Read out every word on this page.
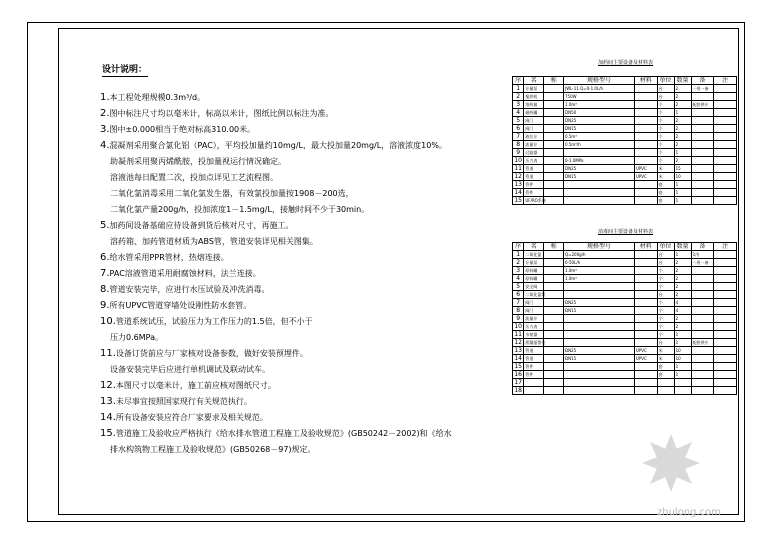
设计说明：
1.本工程处理规模0.3m³/d。
2.图中标注尺寸均以毫米计，标高以米计，图纸比例以标注为准。
3.图中±0.000相当于绝对标高310.00米。
4.混凝剂采用聚合氯化铝（PAC），平均投加量约10mg/L，最大投加量20mg/L，溶液浓度10%。
助凝剂采用聚丙烯酰胺，投加量视运行情况确定。
溶液池每日配置二次，投加点详见工艺流程图。
二氧化氯消毒采用二氧化氯发生器，有效氯投加量按1908－200选，
二氧化氯产量200g/h，投加浓度1－1.5mg/L，接触时间不少于30min。
5.加药间设备基础应待设备到货后核对尺寸，再施工。
溶药箱、加药管道材质为ABS管，管道安装详见相关图集。
6.给水管采用PPR管材，热熔连接。
7.PAC溶液管道采用耐腐蚀材料，法兰连接。
8.管道安装完毕，应进行水压试验及冲洗消毒。
9.所有UPVC管道穿墙处设刚性防水套管。
10.管道系统试压，试验压力为工作压力的1.5倍，但不小于
压力0.6MPa。
11.设备订货前应与厂家核对设备参数，做好安装预埋件。
设备安装完毕后应进行单机调试及联动试车。
12.本图尺寸以毫米计，施工前应核对图纸尺寸。
13.未尽事宜按照国家现行有关规范执行。
14.所有设备安装应符合厂家要求及相关规范。
15.管道施工及验收应严格执行《给水排水管道工程施工及验收规范》(GB50242－2002)和《给水
排水构筑物工程施工及验收规范》(GB50268－97)规定。
加药间主要设备及材料表
序	名	称	规格型号	材料	单位	数量	备	注
1	计量泵		JWL-11 Q=0-1.0L/h		台	2	一用一备	
2	搅拌机		750W		台	2		
3	溶药箱		1.0m³		个	2	配套供应	
4	储药罐		DN50		个	1		
5	阀门		DN25		个	2		
6	阀门		DN15		个	2		
7	液位计		0.5m³		个	2		
8	流量计		0.5m³/h		个	2		
9	过滤器				个	1		
10	压力表		0-1.0MPa		个	2		
11	管道		DN25	UPVC	米	15		
12	管道		DN15	UPVC	米	10		
13	管件				套	1		
14	管件				套	1		
15	UF/RO系统				套	1		
消毒间主要设备及材料表
序	名	称	规格型号	材料	单位	数量	备	注
1	二氧化氯		Q=200g/h		台	1	1用	
2	计量泵		0-50L/h		台	2	一用一备	
3	原料罐		1.0m³		个	2		
4	原料罐		1.0m³		个	2		
5	安全阀				个	2		
6	二氧化氯泵				台	2		
7	阀门		DN25		个	4		
8	阀门		DN15		个	4		
9	流量计				个	2		
10	压力表				个	2		
11	水射器				个	1		
12	泄漏报警仪				台	1	配套供应	
13	管道		DN25	UPVC	米	10		
14	管道		DN15	UPVC	米	10		
15	管件				套	1		
16	管件				套	1		
17								
18								
zhulong.com
